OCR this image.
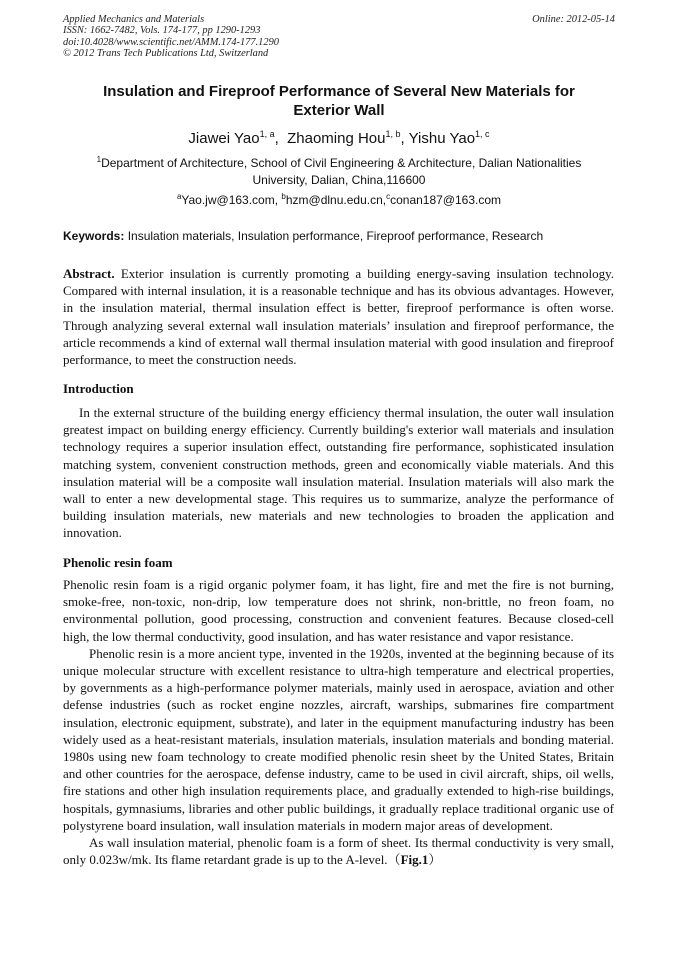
Applied Mechanics and Materials
ISSN: 1662-7482, Vols. 174-177, pp 1290-1293
doi:10.4028/www.scientific.net/AMM.174-177.1290
© 2012 Trans Tech Publications Ltd, Switzerland
Online: 2012-05-14
Insulation and Fireproof Performance of Several New Materials for
Exterior Wall
Jiawei Yao$^{1, a}$,  Zhaoming Hou$^{1, b}$, Yishu Yao$^{1, c}$
$^1$Department of Architecture, School of Civil Engineering & Architecture, Dalian Nationalities
University, Dalian, China,116600
$^a$Yao.jw@163.com, $^b$hzm@dlnu.edu.cn,$^c$conan187@163.com
Keywords: Insulation materials, Insulation performance, Fireproof performance, Research
Abstract. Exterior insulation is currently promoting a building energy-saving insulation technology. Compared with internal insulation, it is a reasonable technique and has its obvious advantages. However, in the insulation material, thermal insulation effect is better, fireproof performance is often worse. Through analyzing several external wall insulation materials’ insulation and fireproof performance, the article recommends a kind of external wall thermal insulation material with good insulation and fireproof performance, to meet the construction needs.
Introduction
In the external structure of the building energy efficiency thermal insulation, the outer wall insulation greatest impact on building energy efficiency. Currently building's exterior wall materials and insulation technology requires a superior insulation effect, outstanding fire performance, sophisticated insulation matching system, convenient construction methods, green and economically viable materials. And this insulation material will be a composite wall insulation material. Insulation materials will also mark the wall to enter a new developmental stage. This requires us to summarize, analyze the performance of building insulation materials, new materials and new technologies to broaden the application and innovation.
Phenolic resin foam

Phenolic resin foam is a rigid organic polymer foam, it has light, fire and met the fire is not burning, smoke-free, non-toxic, non-drip, low temperature does not shrink, non-brittle, no freon foam, no environmental pollution, good processing, construction and convenient features. Because closed-cell high, the low thermal conductivity, good insulation, and has water resistance and vapor resistance.

Phenolic resin is a more ancient type, invented in the 1920s, invented at the beginning because of its unique molecular structure with excellent resistance to ultra-high temperature and electrical properties, by governments as a high-performance polymer materials, mainly used in aerospace, aviation and other defense industries (such as rocket engine nozzles, aircraft, warships, submarines fire compartment insulation, electronic equipment, substrate), and later in the equipment manufacturing industry has been widely used as a heat-resistant materials, insulation materials, insulation materials and bonding material. 1980s using new foam technology to create modified phenolic resin sheet by the United States, Britain and other countries for the aerospace, defense industry, came to be used in civil aircraft, ships, oil wells, fire stations and other high insulation requirements place, and gradually extended to high-rise buildings, hospitals, gymnasiums, libraries and other public buildings, it gradually replace traditional organic use of polystyrene board insulation, wall insulation materials in modern major areas of development.

As wall insulation material, phenolic foam is a form of sheet. Its thermal conductivity is very small, only 0.023w/mk. Its flame retardant grade is up to the A-level.（Fig.1）
